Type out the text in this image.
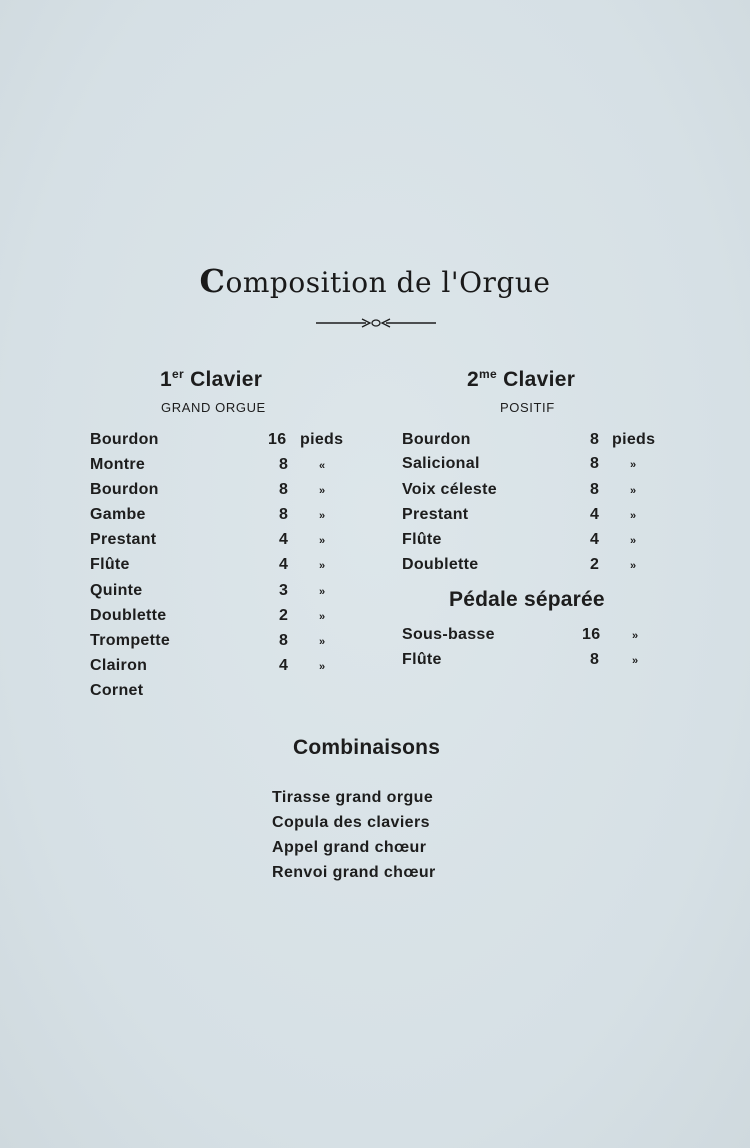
Composition de l'Orgue
1er Clavier
GRAND ORGUE
$2^{me}$ Clavier
POSITIF
Bourdon	16 pieds
Montre	8	«
Bourdon	8	»
Gambe	8	»
Prestant	4	»
Flûte	4	»
Quinte	3	»
Doublette	2	»
Trompette	8	»
Clairon	4	»
Cornet
Bourdon	8 pieds
Salicional	8	»
Voix céleste	8	»
Prestant	4	»
Flûte	4	»
Doublette	2	»
Pédale séparée
Sous-basse	16	»
Flûte	8	»
Combinaisons
Tirasse grand orgue
Copula des claviers
Appel grand chœur
Renvoi grand chœur
